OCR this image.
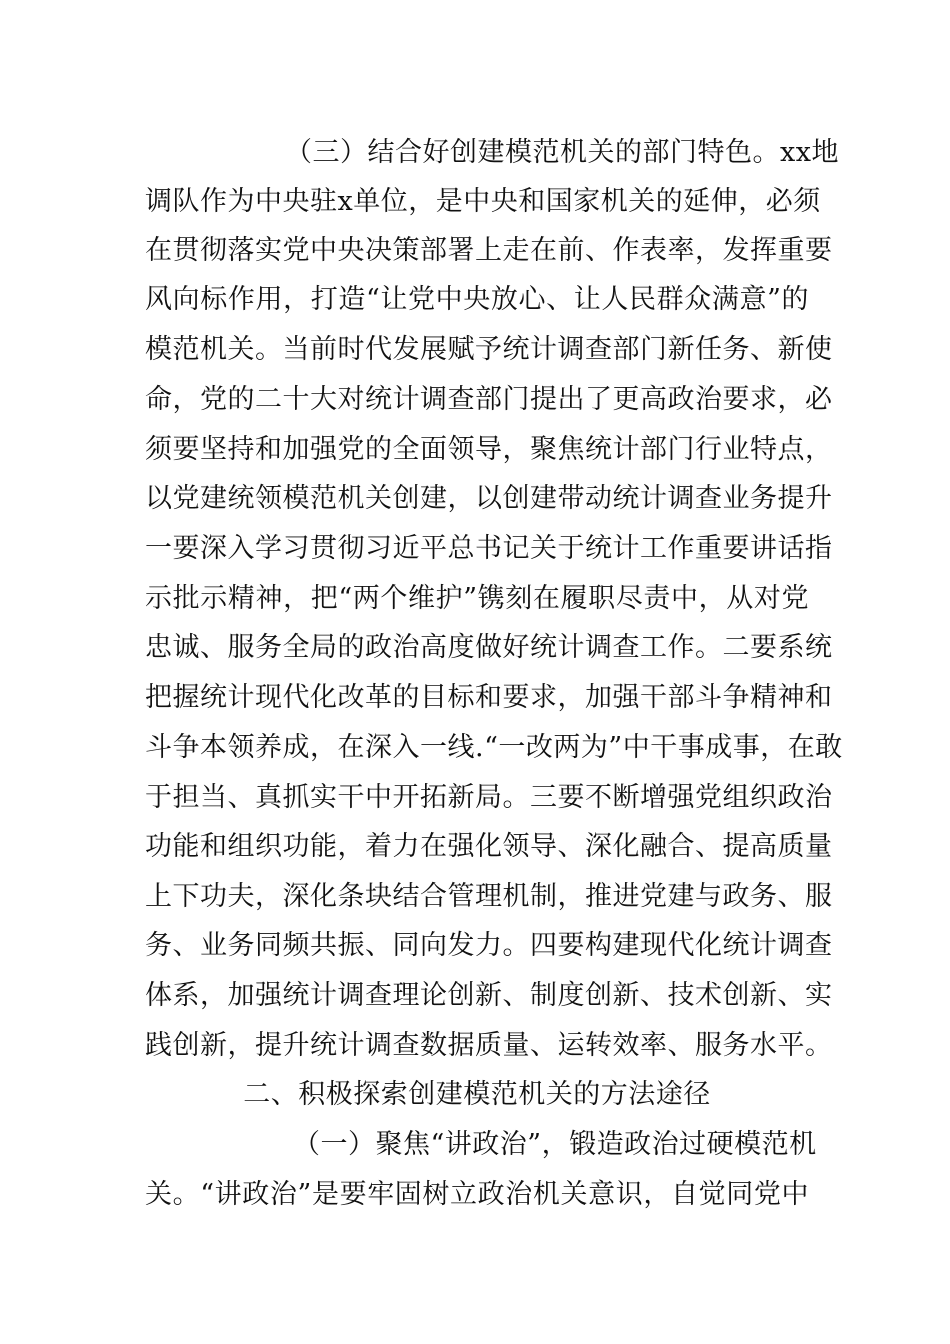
（三）结合好创建模范机关的部门特色。xx地
调队作为中央驻x单位，是中央和国家机关的延伸，必须
在贯彻落实党中央决策部署上走在前、作表率，发挥重要
风向标作用，打造“让党中央放心、让人民群众满意”的
模范机关。当前时代发展赋予统计调查部门新任务、新使
命，党的二十大对统计调查部门提出了更高政治要求，必
须要坚持和加强党的全面领导，聚焦统计部门行业特点，
以党建统领模范机关创建，以创建带动统计调查业务提升
一要深入学习贯彻习近平总书记关于统计工作重要讲话指
示批示精神，把“两个维护”镌刻在履职尽责中，从对党
忠诚、服务全局的政治高度做好统计调查工作。二要系统
把握统计现代化改革的目标和要求，加强干部斗争精神和
斗争本领养成，在深入一线.“一改两为”中干事成事，在敢
于担当、真抓实干中开拓新局。三要不断增强党组织政治
功能和组织功能，着力在强化领导、深化融合、提高质量
上下功夫，深化条块结合管理机制，推进党建与政务、服
务、业务同频共振、同向发力。四要构建现代化统计调查
体系，加强统计调查理论创新、制度创新、技术创新、实
践创新，提升统计调查数据质量、运转效率、服务水平。
二、积极探索创建模范机关的方法途径
（一）聚焦“讲政治”，锻造政治过硬模范机
关。“讲政治”是要牢固树立政治机关意识，自觉同党中
